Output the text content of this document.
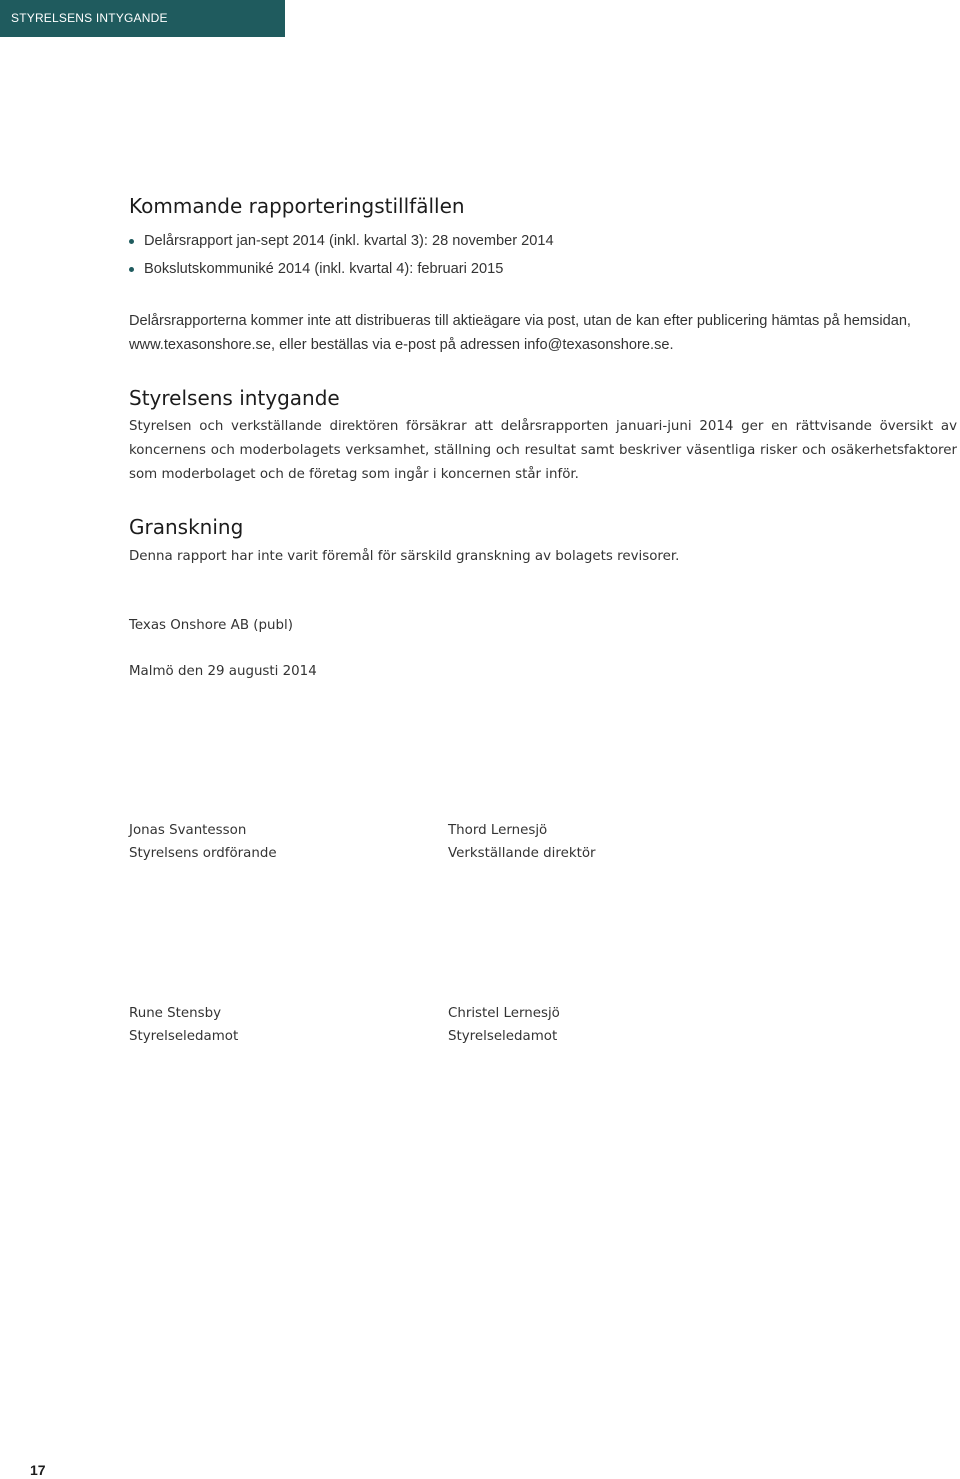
STYRELSENS INTYGANDE
Kommande rapporteringstillfällen
Delårsrapport jan-sept 2014 (inkl. kvartal 3): 28 november 2014
Bokslutskommuniké 2014 (inkl. kvartal 4): februari 2015

Delårsrapporterna kommer inte att distribueras till aktieägare via post, utan de kan efter publicering hämtas på hemsidan, www.texasonshore.se, eller beställas via e-post på adressen info@texasonshore.se.

Styrelsens intygande

Styrelsen och verkställande direktören försäkrar att delårsrapporten januari-juni 2014 ger en rättvisande översikt av koncernens och moderbolagets verksamhet, ställning och resultat samt beskriver väsentliga risker och osäkerhetsfaktorer som moderbolaget och de företag som ingår i koncernen står inför.

Granskning

Denna rapport har inte varit föremål för särskild granskning av bolagets revisorer.

Texas Onshore AB (publ)
Malmö den 29 augusti 2014
Jonas Svantesson
Styrelsens ordförande
Thord Lernesjö
Verkställande direktör
Rune Stensby
Styrelseledamot
Christel Lernesjö
Styrelseledamot
17
